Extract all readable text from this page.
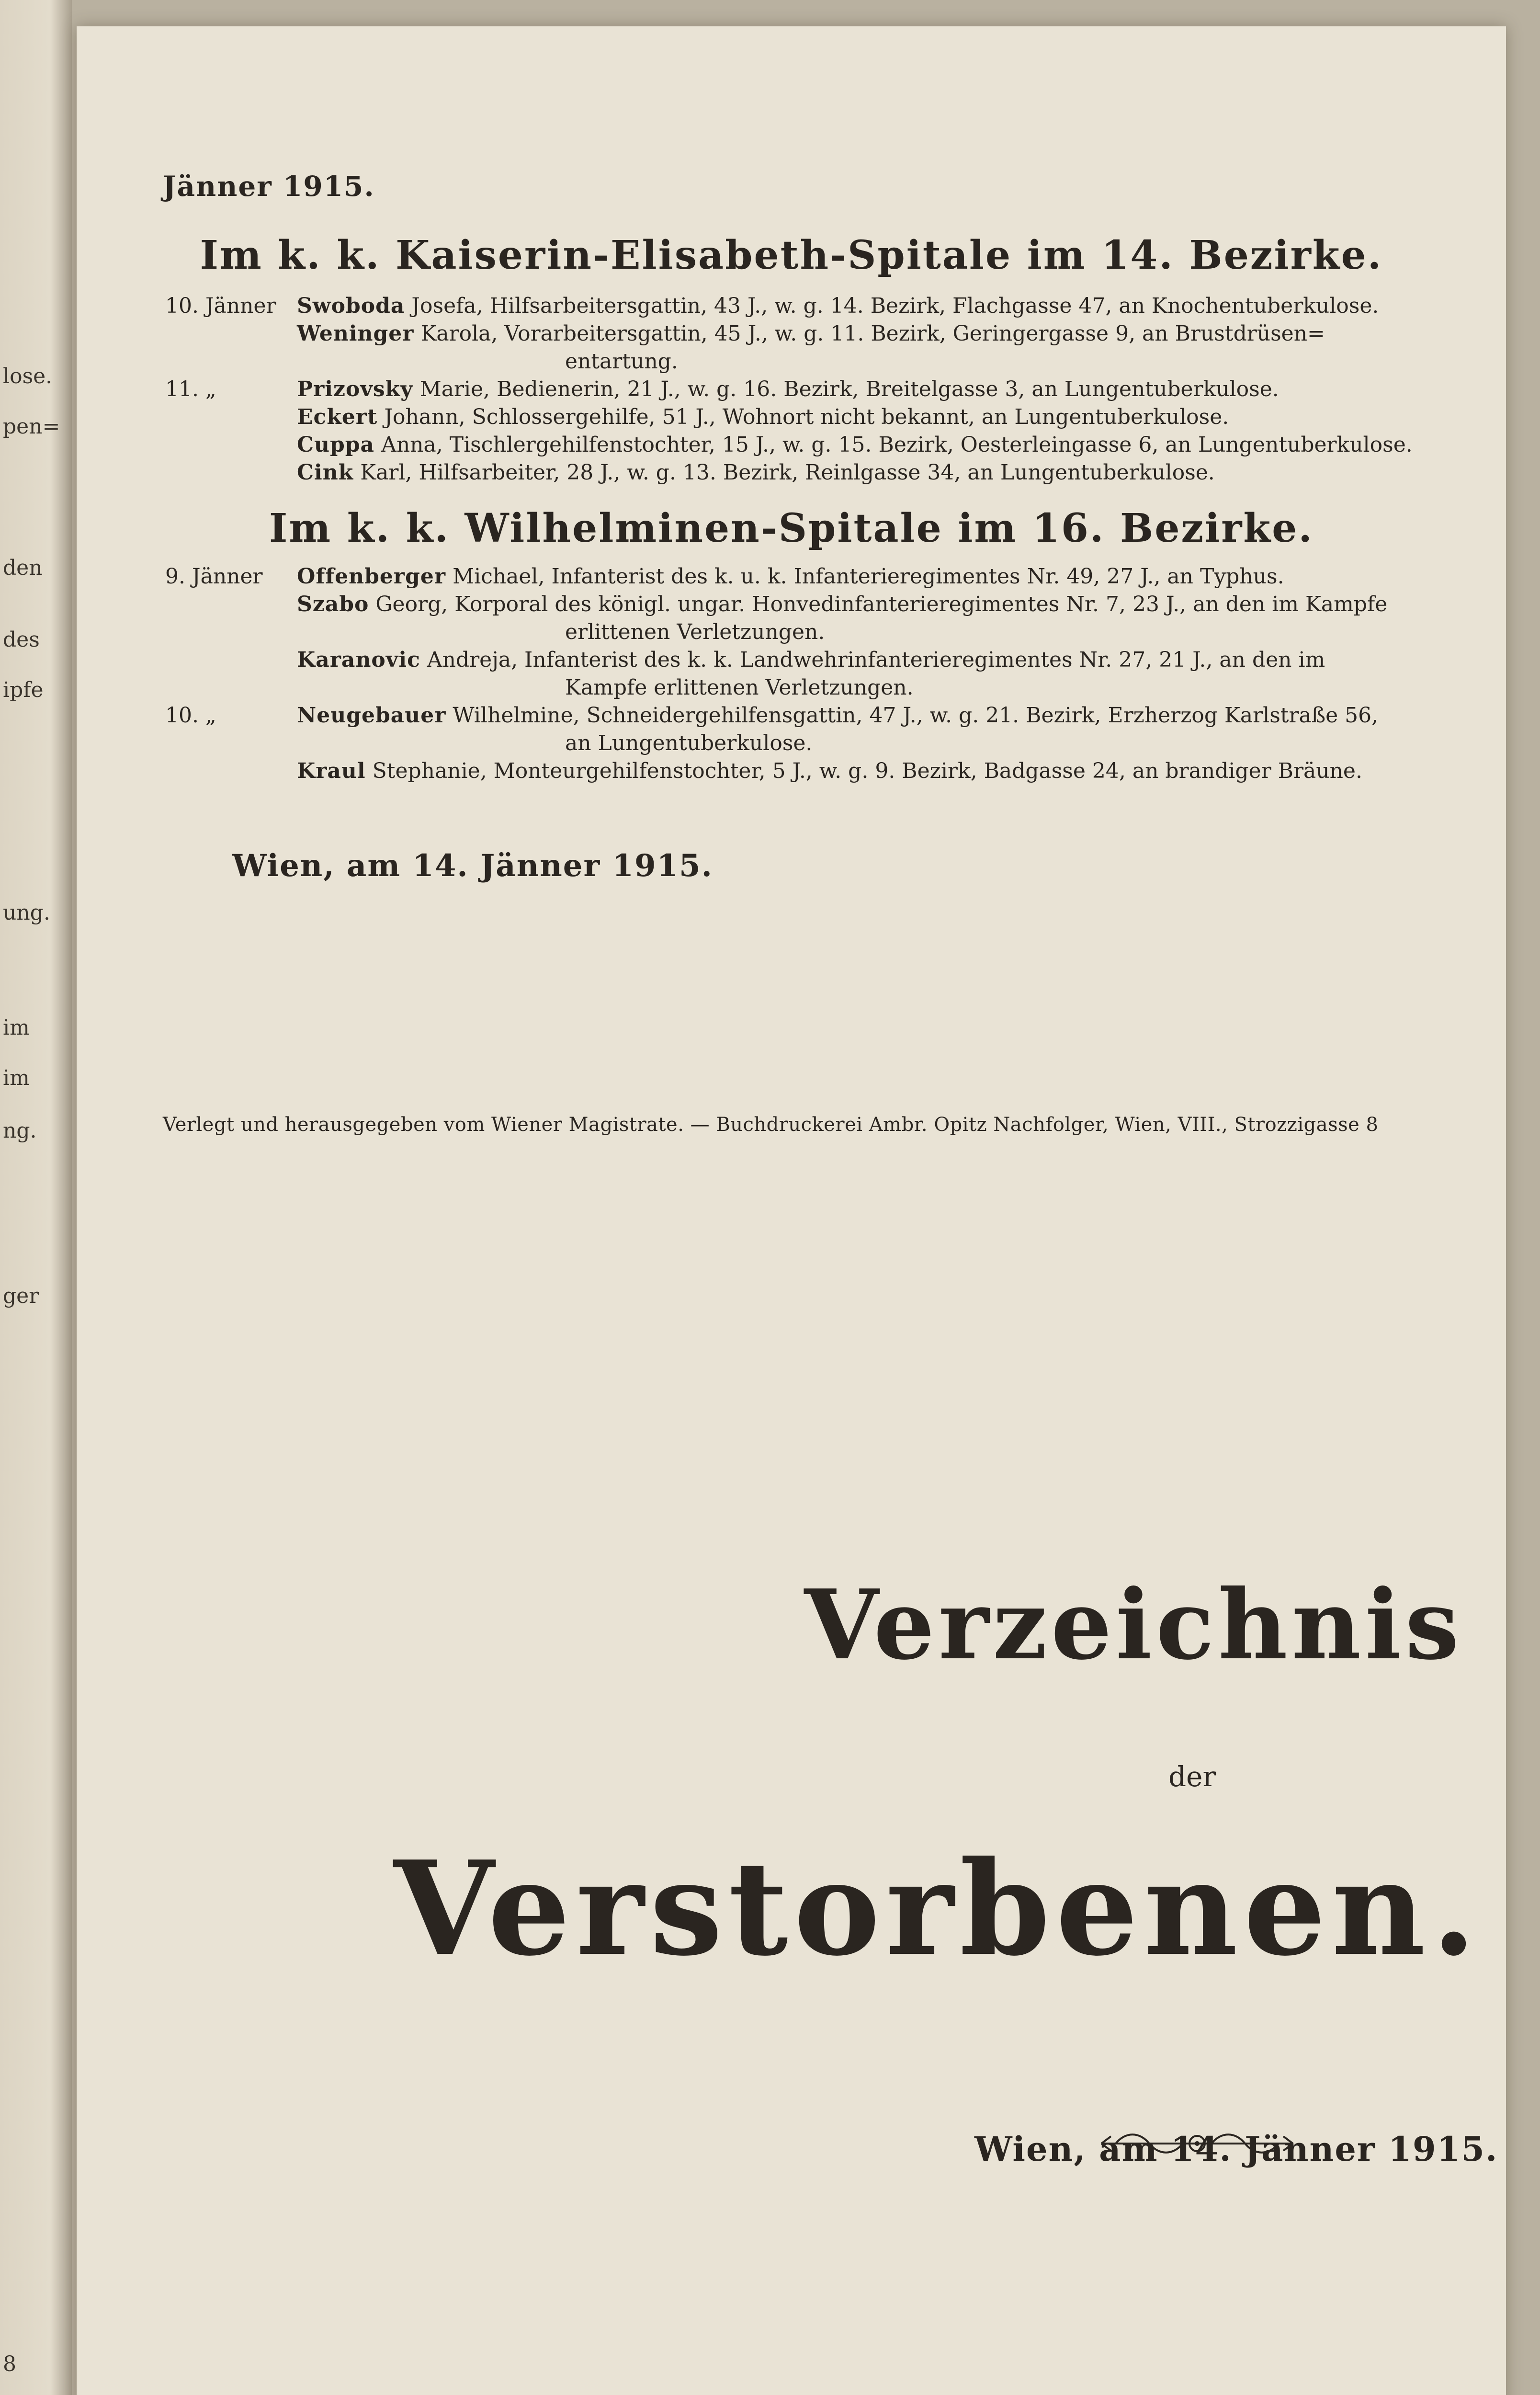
lose.
pen=
den
des
ipfe
ung.
im
im
ng.
ger
8
Jänner 1915.
Im k. k. Kaiserin-Elisabeth-Spitale im 14. Bezirke.
10. Jänner Swoboda Josefa, Hilfsarbeitersgattin, 43 J., w. g. 14. Bezirk, Flachgasse 47, an Knochentuberkulose.
Weninger Karola, Vorarbeitersgattin, 45 J., w. g. 11. Bezirk, Geringergasse 9, an Brustdrüsen=
entartung.
11. „	Prizovsky Marie, Bedienerin, 21 J., w. g. 16. Bezirk, Breitelgasse 3, an Lungentuberkulose.
Eckert Johann, Schlossergehilfe, 51 J., Wohnort nicht bekannt, an Lungentuberkulose.
Cuppa Anna, Tischlergehilfenstochter, 15 J., w. g. 15. Bezirk, Oesterleingasse 6, an Lungentuberkulose.
Cink Karl, Hilfsarbeiter, 28 J., w. g. 13. Bezirk, Reinlgasse 34, an Lungentuberkulose.
Im k. k. Wilhelminen-Spitale im 16. Bezirke.
9. Jänner	Offenberger Michael, Infanterist des k. u. k. Infanterieregimentes Nr. 49, 27 J., an Typhus.
Szabo Georg, Korporal des königl. ungar. Honvedinfanterieregimentes Nr. 7, 23 J., an den im Kampfe
erlittenen Verletzungen.
Karanovic Andreja, Infanterist des k. k. Landwehrinfanterieregimentes Nr. 27, 21 J., an den im
Kampfe erlittenen Verletzungen.
10. „	Neugebauer Wilhelmine, Schneidergehilfensgattin, 47 J., w. g. 21. Bezirk, Erzherzog Karlstraße 56,
an Lungentuberkulose.
Kraul Stephanie, Monteurgehilfenstochter, 5 J., w. g. 9. Bezirk, Badgasse 24, an brandiger Bräune.
Wien, am 14. Jänner 1915.
Verlegt und herausgegeben vom Wiener Magistrate. — Buchdruckerei Ambr. Opitz Nachfolger, Wien, VIII., Strozzigasse 8
Verzeichnis
der
Verstorbenen.
Wien, am 14. Jänner 1915.
